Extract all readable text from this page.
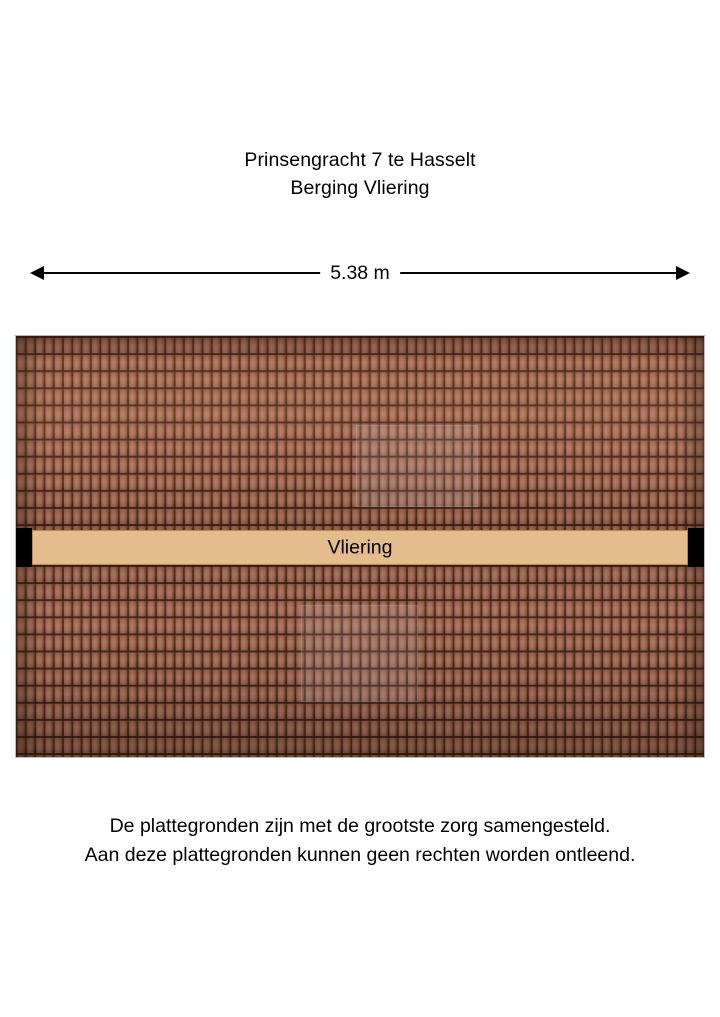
Prinsengracht 7 te Hasselt
Berging Vliering
5.38 m
Vliering
De plattegronden zijn met de grootste zorg samengesteld.
Aan deze plattegronden kunnen geen rechten worden ontleend.
